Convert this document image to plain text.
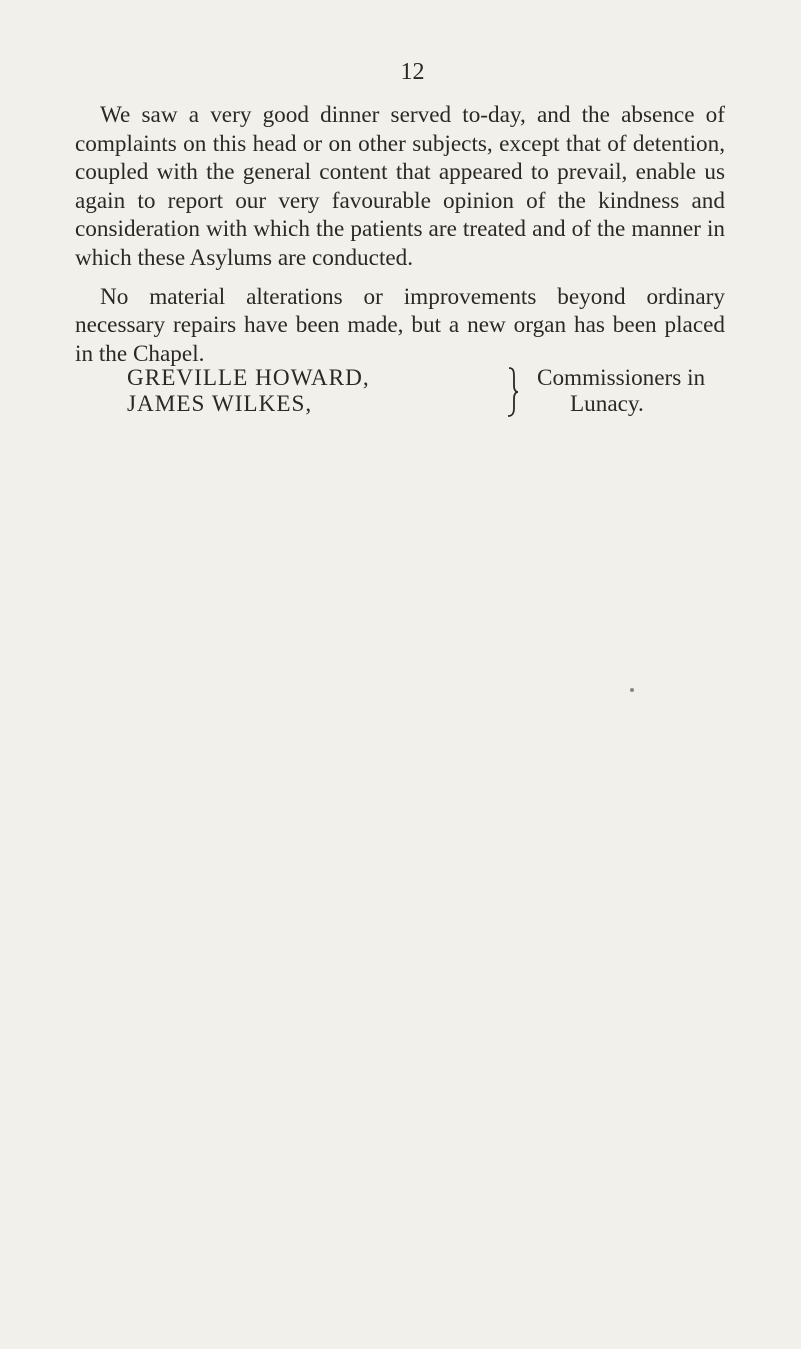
12

We saw a very good dinner served to-day, and the absence of complaints on this head or on other subjects, except that of detention, coupled with the general content that appeared to prevail, enable us again to report our very favourable opinion of the kindness and consideration with which the patients are treated and of the manner in which these Asylums are conducted.

No material alterations or improvements beyond ordinary necessary repairs have been made, but a new organ has been placed in the Chapel.

GREVILLE HOWARD,
JAMES WILKES,
Commissioners in
Lunacy.
